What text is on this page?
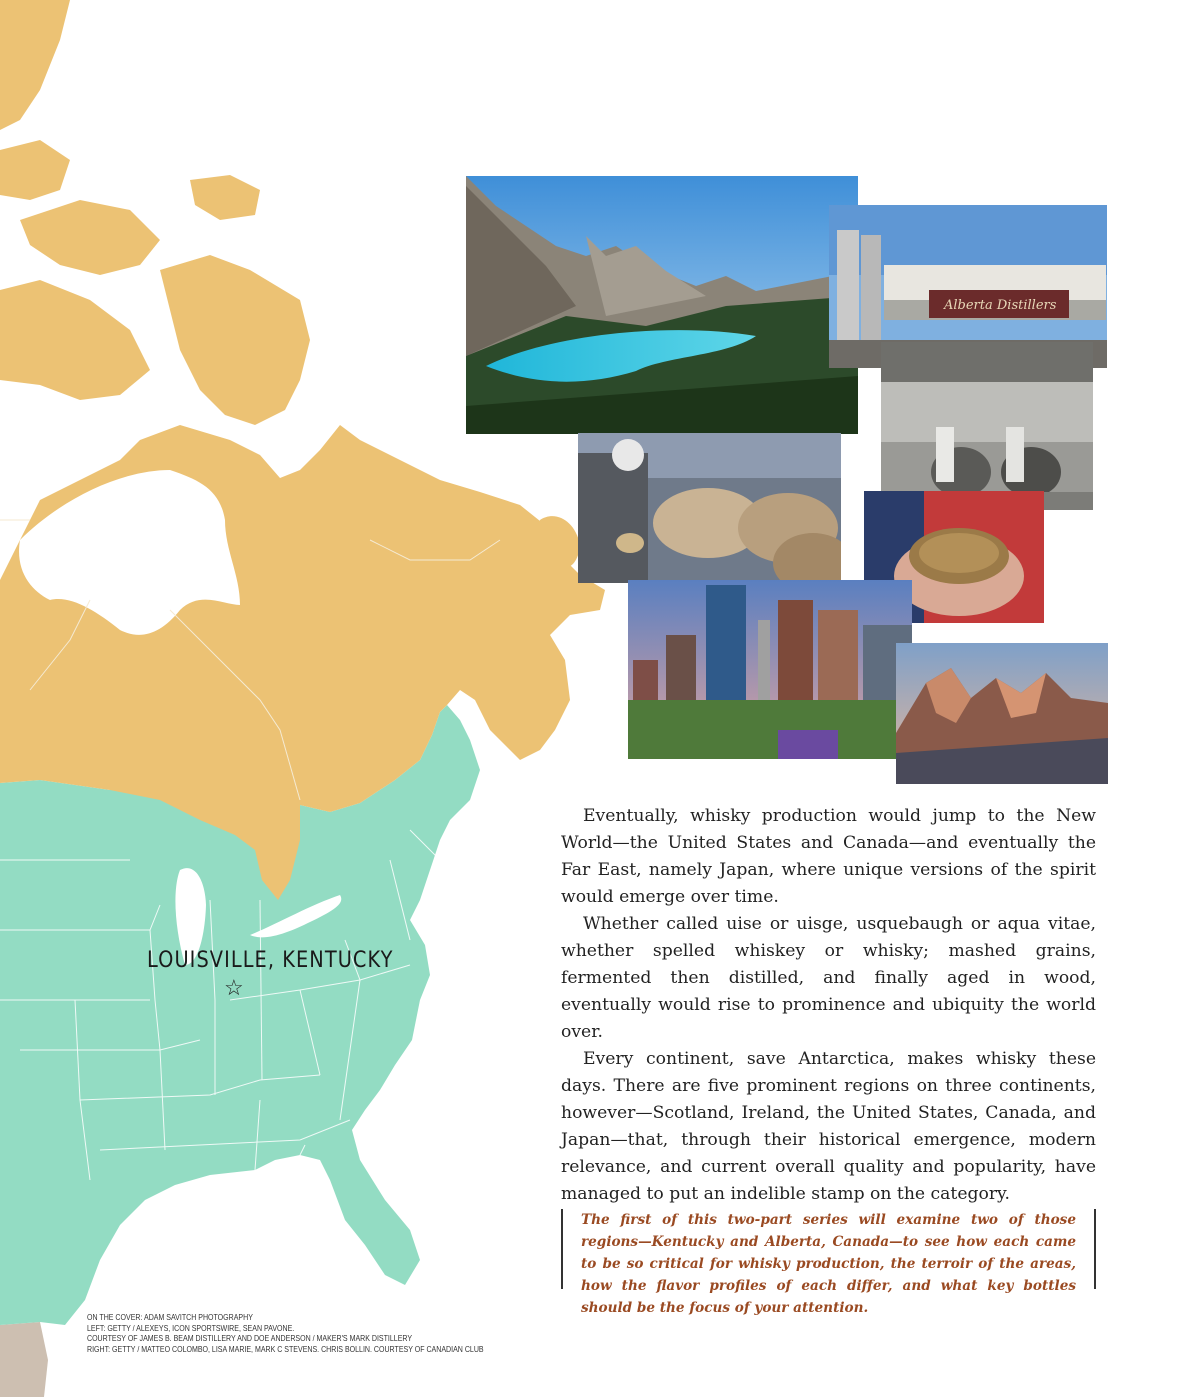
LOUISVILLE, KENTUCKY
☆
Alberta Distillers

Eventually, whisky production would jump to the New World—the United States and Canada—and eventually the Far East, namely Japan, where unique versions of the spirit would emerge over time.

Whether called uise or uisge, usquebaugh or aqua vitae, whether spelled whiskey or whisky; mashed grains, fermented then distilled, and finally aged in wood, eventually would rise to prominence and ubiquity the world over.

Every continent, save Antarctica, makes whisky these days. There are five prominent regions on three continents, however—Scotland, Ireland, the United States, Canada, and Japan—that, through their historical emergence, modern relevance, and current overall quality and popularity, have managed to put an indelible stamp on the category.

The first of this two-part series will examine two of those regions—Kentucky and Alberta, Canada—to see how each came to be so critical for whisky production, the terroir of the areas, how the flavor profiles of each differ, and what key bottles should be the focus of your attention.

ON THE COVER: ADAM SAVITCH PHOTOGRAPHY
LEFT: GETTY / ALEXEYS, ICON SPORTSWIRE, SEAN PAVONE.
COURTESY OF JAMES B. BEAM DISTILLERY AND DOE ANDERSON / MAKER'S MARK DISTILLERY
RIGHT: GETTY / MATTEO COLOMBO, LISA MARIE, MARK C STEVENS. CHRIS BOLLIN. COURTESY OF CANADIAN CLUB
